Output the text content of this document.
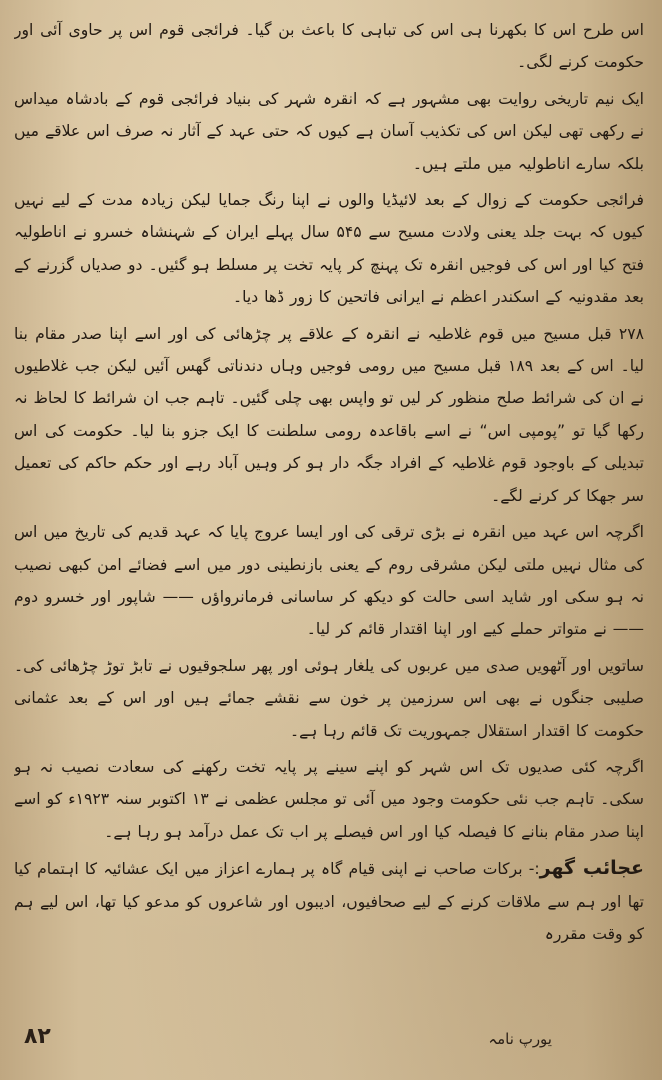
اس طرح اس کا بکھرنا ہی اس کی تباہی کا باعث بن گیا۔ فرائجی قوم اس پر حاوی آئی اور حکومت کرنے لگی۔

ایک نیم تاریخی روایت بھی مشہور ہے کہ انقرہ شہر کی بنیاد فرائجی قوم کے بادشاہ میداس نے رکھی تھی لیکن اس کی تکذیب آسان ہے کیوں کہ حتی عہد کے آثار نہ صرف اس علاقے میں بلکہ سارے اناطولیہ میں ملتے ہیں۔

فرائجی حکومت کے زوال کے بعد لائیڈیا والوں نے اپنا رنگ جمایا لیکن زیادہ مدت کے لیے نہیں کیوں کہ بہت جلد یعنی ولادت مسیح سے ۵۴۵ سال پہلے ایران کے شہنشاہ خسرو نے اناطولیہ فتح کیا اور اس کی فوجیں انقرہ تک پہنچ کر پایہ تخت پر مسلط ہو گئیں۔ دو صدیاں گزرنے کے بعد مقدونیہ کے اسکندر اعظم نے ایرانی فاتحین کا زور ڈھا دیا۔

۲۷۸ قبل مسیح میں قوم غلاطیہ نے انقرہ کے علاقے پر چڑھائی کی اور اسے اپنا صدر مقام بنا لیا۔ اس کے بعد ۱۸۹ قبل مسیح میں رومی فوجیں وہاں دندناتی گھس آئیں لیکن جب غلاطیوں نے ان کی شرائط صلح منظور کر لیں تو واپس بھی چلی گئیں۔ تاہم جب ان شرائط کا لحاظ نہ رکھا گیا تو ”پومپی اس“ نے اسے باقاعدہ رومی سلطنت کا ایک جزو بنا لیا۔ حکومت کی اس تبدیلی کے باوجود قوم غلاطیہ کے افراد جگہ دار ہو کر وہیں آباد رہے اور حکم حاکم کی تعمیل سر جھکا کر کرنے لگے۔

اگرچہ اس عہد میں انقرہ نے بڑی ترقی کی اور ایسا عروج پایا کہ عہد قدیم کی تاریخ میں اس کی مثال نہیں ملتی لیکن مشرقی روم کے یعنی بازنطینی دور میں اسے فضائے امن کبھی نصیب نہ ہو سکی اور شاید اسی حالت کو دیکھ کر ساسانی فرمانرواؤں —— شاپور اور خسرو دوم —— نے متواتر حملے کیے اور اپنا اقتدار قائم کر لیا۔

ساتویں اور آٹھویں صدی میں عربوں کی یلغار ہوئی اور پھر سلجوقیوں نے تابڑ توڑ چڑھائی کی۔ صلیبی جنگوں نے بھی اس سرزمین پر خون سے نقشے جمائے ہیں اور اس کے بعد عثمانی حکومت کا اقتدار استقلال جمہوریت تک قائم رہا ہے۔

اگرچہ کئی صدیوں تک اس شہر کو اپنے سینے پر پایہ تخت رکھنے کی سعادت نصیب نہ ہو سکی۔ تاہم جب نئی حکومت وجود میں آئی تو مجلس عظمی نے ۱۳ اکتوبر سنہ ۱۹۲۳ء کو اسے اپنا صدر مقام بنانے کا فیصلہ کیا اور اس فیصلے پر اب تک عمل درآمد ہو رہا ہے۔

عجائب گھر:- برکات صاحب نے اپنی قیام گاہ پر ہمارے اعزاز میں ایک عشائیہ کا اہتمام کیا تھا اور ہم سے ملاقات کرنے کے لیے صحافیوں، ادیبوں اور شاعروں کو مدعو کیا تھا، اس لیے ہم کو وقت مقررہ

۸۲	یورپ نامہ
